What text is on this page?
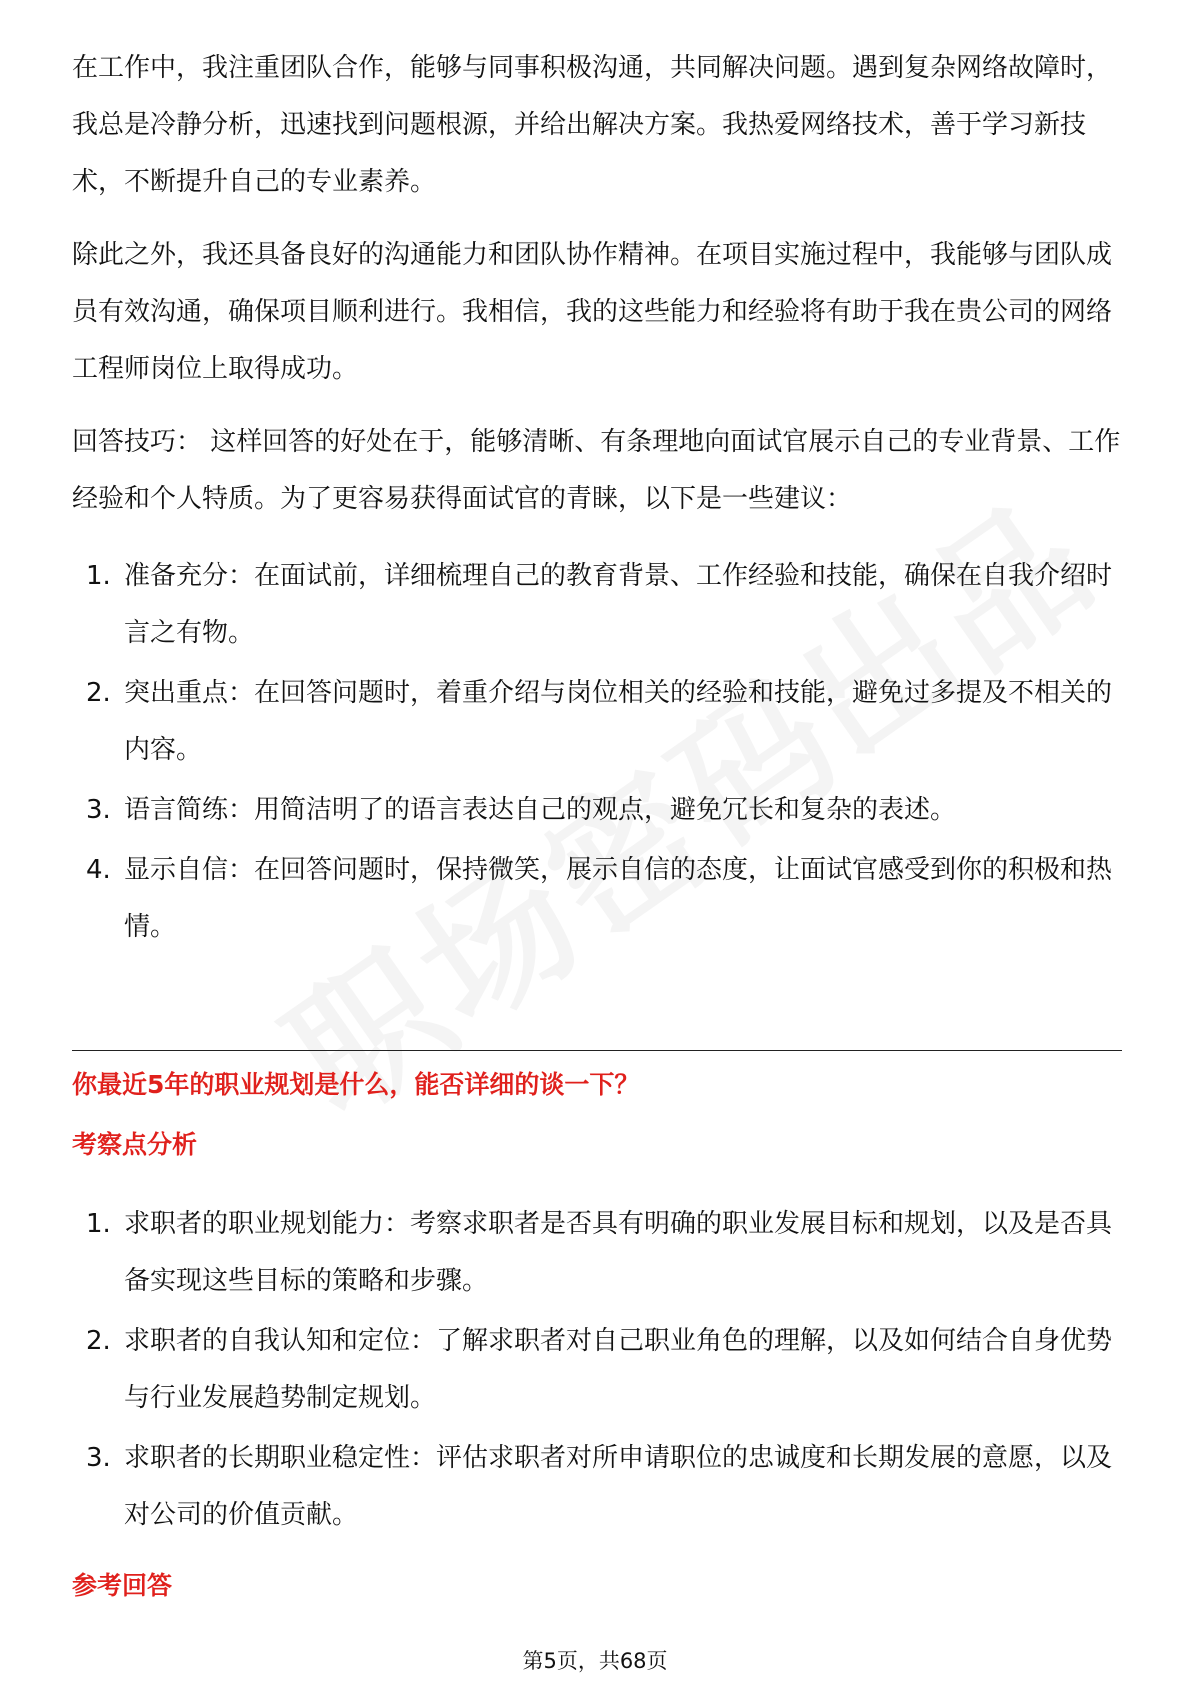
在工作中，我注重团队合作，能够与同事积极沟通，共同解决问题。遇到复杂网络故障时，我总是冷静分析，迅速找到问题根源，并给出解决方案。我热爱网络技术，善于学习新技术，不断提升自己的专业素养。

除此之外，我还具备良好的沟通能力和团队协作精神。在项目实施过程中，我能够与团队成员有效沟通，确保项目顺利进行。我相信，我的这些能力和经验将有助于我在贵公司的网络工程师岗位上取得成功。

回答技巧： 这样回答的好处在于，能够清晰、有条理地向面试官展示自己的专业背景、工作经验和个人特质。为了更容易获得面试官的青睐，以下是一些建议：

1. 准备充分：在面试前，详细梳理自己的教育背景、工作经验和技能，确保在自我介绍时言之有物。
2. 突出重点：在回答问题时，着重介绍与岗位相关的经验和技能，避免过多提及不相关的内容。
3. 语言简练：用简洁明了的语言表达自己的观点，避免冗长和复杂的表述。
4. 显示自信：在回答问题时，保持微笑，展示自信的态度，让面试官感受到你的积极和热情。
你最近5年的职业规划是什么，能否详细的谈一下？
考察点分析
1. 求职者的职业规划能力：考察求职者是否具有明确的职业发展目标和规划，以及是否具备实现这些目标的策略和步骤。
2. 求职者的自我认知和定位：了解求职者对自己职业角色的理解，以及如何结合自身优势与行业发展趋势制定规划。
3. 求职者的长期职业稳定性：评估求职者对所申请职位的忠诚度和长期发展的意愿，以及对公司的价值贡献。
参考回答
第5页，共68页
